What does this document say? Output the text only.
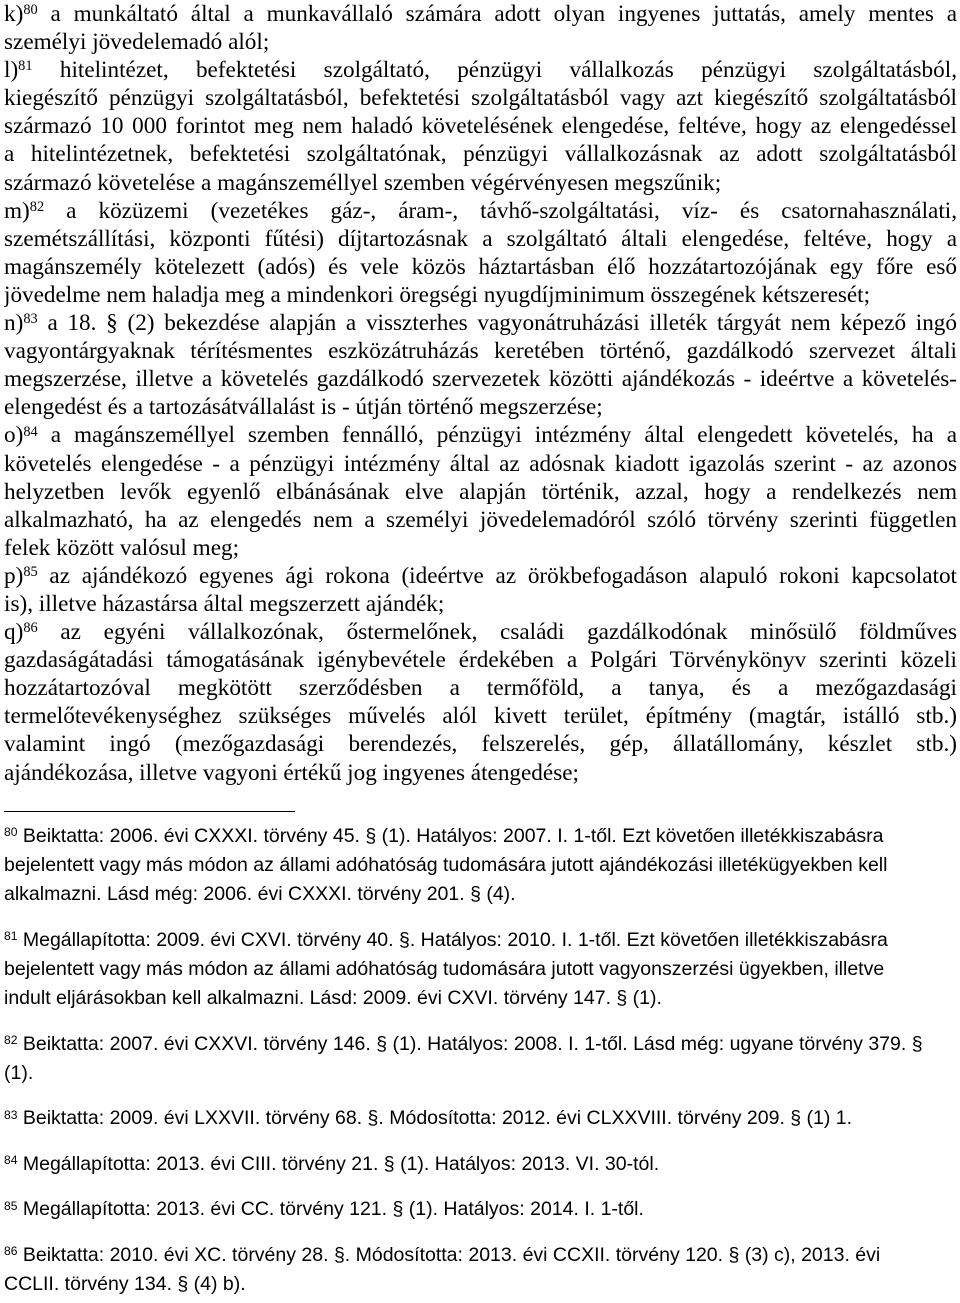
k)$^{80}$ a munkáltató által a munkavállaló számára adott olyan ingyenes juttatás, amely mentes a
személyi jövedelemadó alól;
l)$^{81}$ hitelintézet, befektetési szolgáltató, pénzügyi vállalkozás pénzügyi szolgáltatásból,
kiegészítő pénzügyi szolgáltatásból, befektetési szolgáltatásból vagy azt kiegészítő szolgáltatásból
származó 10 000 forintot meg nem haladó követelésének elengedése, feltéve, hogy az elengedéssel
a hitelintézetnek, befektetési szolgáltatónak, pénzügyi vállalkozásnak az adott szolgáltatásból
származó követelése a magánszeméllyel szemben végérvényesen megszűnik;
m)$^{82}$ a közüzemi (vezetékes gáz-, áram-, távhő-szolgáltatási, víz- és csatornahasználati,
szemétszállítási, központi fűtési) díjtartozásnak a szolgáltató általi elengedése, feltéve, hogy a
magánszemély kötelezett (adós) és vele közös háztartásban élő hozzátartozójának egy főre eső
jövedelme nem haladja meg a mindenkori öregségi nyugdíjminimum összegének kétszeresét;
n)$^{83}$ a 18. § (2) bekezdése alapján a visszterhes vagyonátruházási illeték tárgyát nem képező ingó
vagyontárgyaknak térítésmentes eszközátruházás keretében történő, gazdálkodó szervezet általi
megszerzése, illetve a követelés gazdálkodó szervezetek közötti ajándékozás - ideértve a követelés-
elengedést és a tartozásátvállalást is - útján történő megszerzése;
o)$^{84}$ a magánszeméllyel szemben fennálló, pénzügyi intézmény által elengedett követelés, ha a
követelés elengedése - a pénzügyi intézmény által az adósnak kiadott igazolás szerint - az azonos
helyzetben levők egyenlő elbánásának elve alapján történik, azzal, hogy a rendelkezés nem
alkalmazható, ha az elengedés nem a személyi jövedelemadóról szóló törvény szerinti független
felek között valósul meg;
p)$^{85}$ az ajándékozó egyenes ági rokona (ideértve az örökbefogadáson alapuló rokoni kapcsolatot
is), illetve házastársa által megszerzett ajándék;
q)$^{86}$ az egyéni vállalkozónak, őstermelőnek, családi gazdálkodónak minősülő földműves
gazdaságátadási támogatásának igénybevétele érdekében a Polgári Törvénykönyv szerinti közeli
hozzátartozóval megkötött szerződésben a termőföld, a tanya, és a mezőgazdasági
termelőtevékenységhez szükséges művelés alól kivett terület, építmény (magtár, istálló stb.)
valamint ingó (mezőgazdasági berendezés, felszerelés, gép, állatállomány, készlet stb.)
ajándékozása, illetve vagyoni értékű jog ingyenes átengedése;
$^{80}$ Beiktatta: 2006. évi CXXXI. törvény 45. § (1). Hatályos: 2007. I. 1-től. Ezt követően illetékkiszabásra
bejelentett vagy más módon az állami adóhatóság tudomására jutott ajándékozási illetékügyekben kell
alkalmazni. Lásd még: 2006. évi CXXXI. törvény 201. § (4).
$^{81}$ Megállapította: 2009. évi CXVI. törvény 40. §. Hatályos: 2010. I. 1-től. Ezt követően illetékkiszabásra
bejelentett vagy más módon az állami adóhatóság tudomására jutott vagyonszerzési ügyekben, illetve
indult eljárásokban kell alkalmazni. Lásd: 2009. évi CXVI. törvény 147. § (1).
$^{82}$ Beiktatta: 2007. évi CXXVI. törvény 146. § (1). Hatályos: 2008. I. 1-től. Lásd még: ugyane törvény 379. §
(1).
$^{83}$ Beiktatta: 2009. évi LXXVII. törvény 68. §. Módosította: 2012. évi CLXXVIII. törvény 209. § (1) 1.
$^{84}$ Megállapította: 2013. évi CIII. törvény 21. § (1). Hatályos: 2013. VI. 30-tól.
$^{85}$ Megállapította: 2013. évi CC. törvény 121. § (1). Hatályos: 2014. I. 1-től.
$^{86}$ Beiktatta: 2010. évi XC. törvény 28. §. Módosította: 2013. évi CCXII. törvény 120. § (3) c), 2013. évi
CCLII. törvény 134. § (4) b).
